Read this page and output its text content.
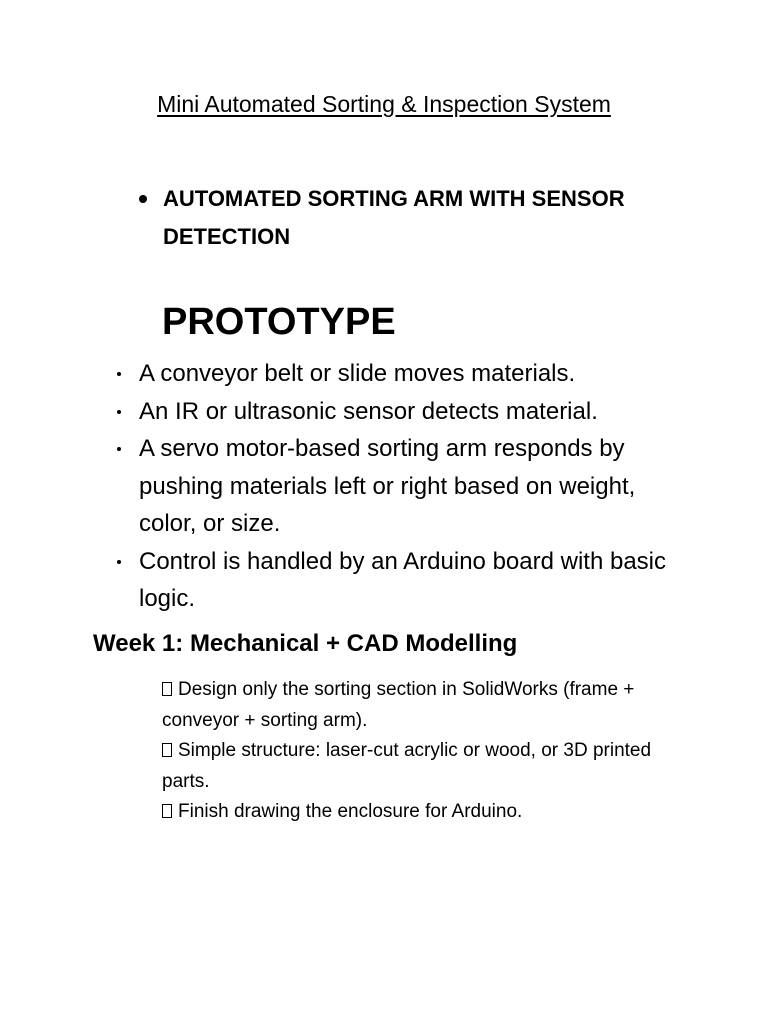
Mini Automated Sorting & Inspection System
AUTOMATED SORTING ARM WITH SENSOR DETECTION
PROTOTYPE
A conveyor belt or slide moves materials.
An IR or ultrasonic sensor detects material.
A servo motor-based sorting arm responds by pushing materials left or right based on weight, color, or size.
Control is handled by an Arduino board with basic logic.
Week 1: Mechanical + CAD Modelling
Design only the sorting section in SolidWorks (frame + conveyor + sorting arm).
Simple structure: laser-cut acrylic or wood, or 3D printed parts.
Finish drawing the enclosure for Arduino.
